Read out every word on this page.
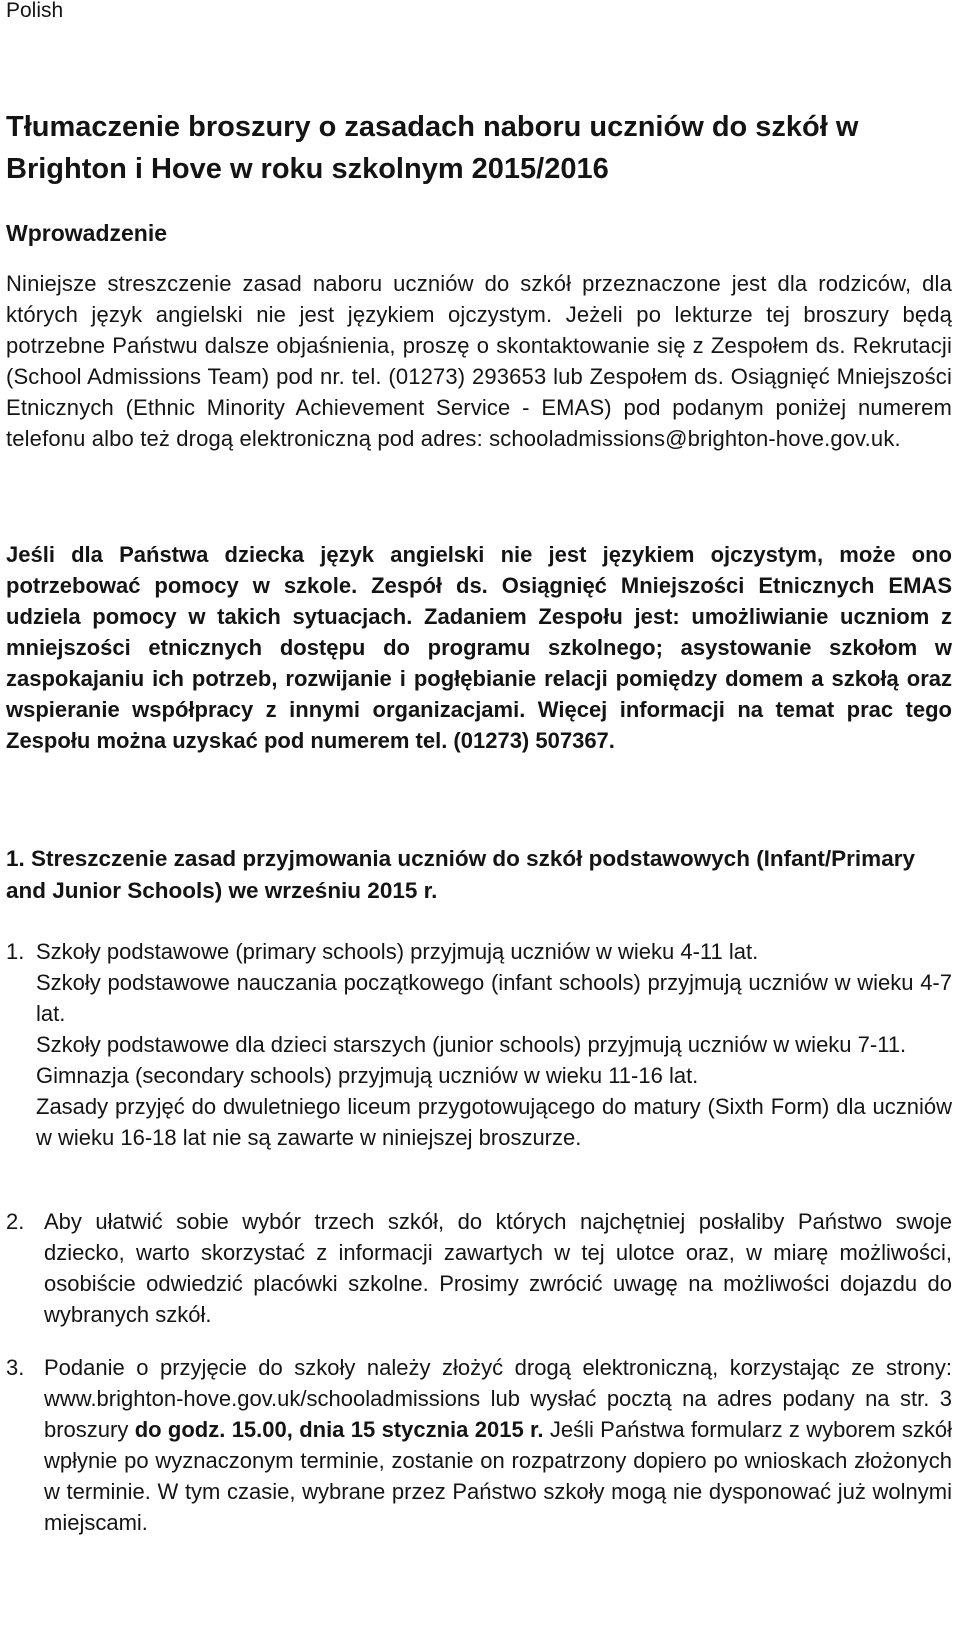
Polish
Tłumaczenie broszury o zasadach naboru uczniów do szkół w Brighton i Hove w roku szkolnym 2015/2016
Wprowadzenie

Niniejsze streszczenie zasad naboru uczniów do szkół przeznaczone jest dla rodziców, dla których język angielski nie jest językiem ojczystym. Jeżeli po lekturze tej broszury będą potrzebne Państwu dalsze objaśnienia, proszę o skontaktowanie się z Zespołem ds. Rekrutacji (School Admissions Team) pod nr. tel. (01273) 293653 lub Zespołem ds. Osiągnięć Mniejszości Etnicznych (Ethnic Minority Achievement Service - EMAS) pod podanym poniżej numerem telefonu albo też drogą elektroniczną pod adres: schooladmissions@brighton-hove.gov.uk.

Jeśli dla Państwa dziecka język angielski nie jest językiem ojczystym, może ono potrzebować pomocy w szkole. Zespół ds. Osiągnięć Mniejszości Etnicznych EMAS udziela pomocy w takich sytuacjach. Zadaniem Zespołu jest: umożliwianie uczniom z mniejszości etnicznych dostępu do programu szkolnego; asystowanie szkołom w zaspokajaniu ich potrzeb, rozwijanie i pogłębianie relacji pomiędzy domem a szkołą oraz wspieranie współpracy z innymi organizacjami. Więcej informacji na temat prac tego Zespołu można uzyskać pod numerem tel. (01273) 507367.

1. Streszczenie zasad przyjmowania uczniów do szkół podstawowych (Infant/Primary and Junior Schools) we wrześniu 2015 r.
1. Szkoły podstawowe (primary schools) przyjmują uczniów w wieku 4-11 lat.
Szkoły podstawowe nauczania początkowego (infant schools) przyjmują uczniów w wieku 4-7 lat.
Szkoły podstawowe dla dzieci starszych (junior schools) przyjmują uczniów w wieku 7-11.
Gimnazja (secondary schools) przyjmują uczniów w wieku 11-16 lat.
Zasady przyjęć do dwuletniego liceum przygotowującego do matury (Sixth Form) dla uczniów w wieku 16-18 lat nie są zawarte w niniejszej broszurze.
2. Aby ułatwić sobie wybór trzech szkół, do których najchętniej posłaliby Państwo swoje dziecko, warto skorzystać z informacji zawartych w tej ulotce oraz, w miarę możliwości, osobiście odwiedzić placówki szkolne. Prosimy zwrócić uwagę na możliwości dojazdu do wybranych szkół.
3. Podanie o przyjęcie do szkoły należy złożyć drogą elektroniczną, korzystając ze strony: www.brighton-hove.gov.uk/schooladmissions lub wysłać pocztą na adres podany na str. 3 broszury do godz. 15.00, dnia 15 stycznia 2015 r. Jeśli Państwa formularz z wyborem szkół wpłynie po wyznaczonym terminie, zostanie on rozpatrzony dopiero po wnioskach złożonych w terminie. W tym czasie, wybrane przez Państwo szkoły mogą nie dysponować już wolnymi miejscami.
